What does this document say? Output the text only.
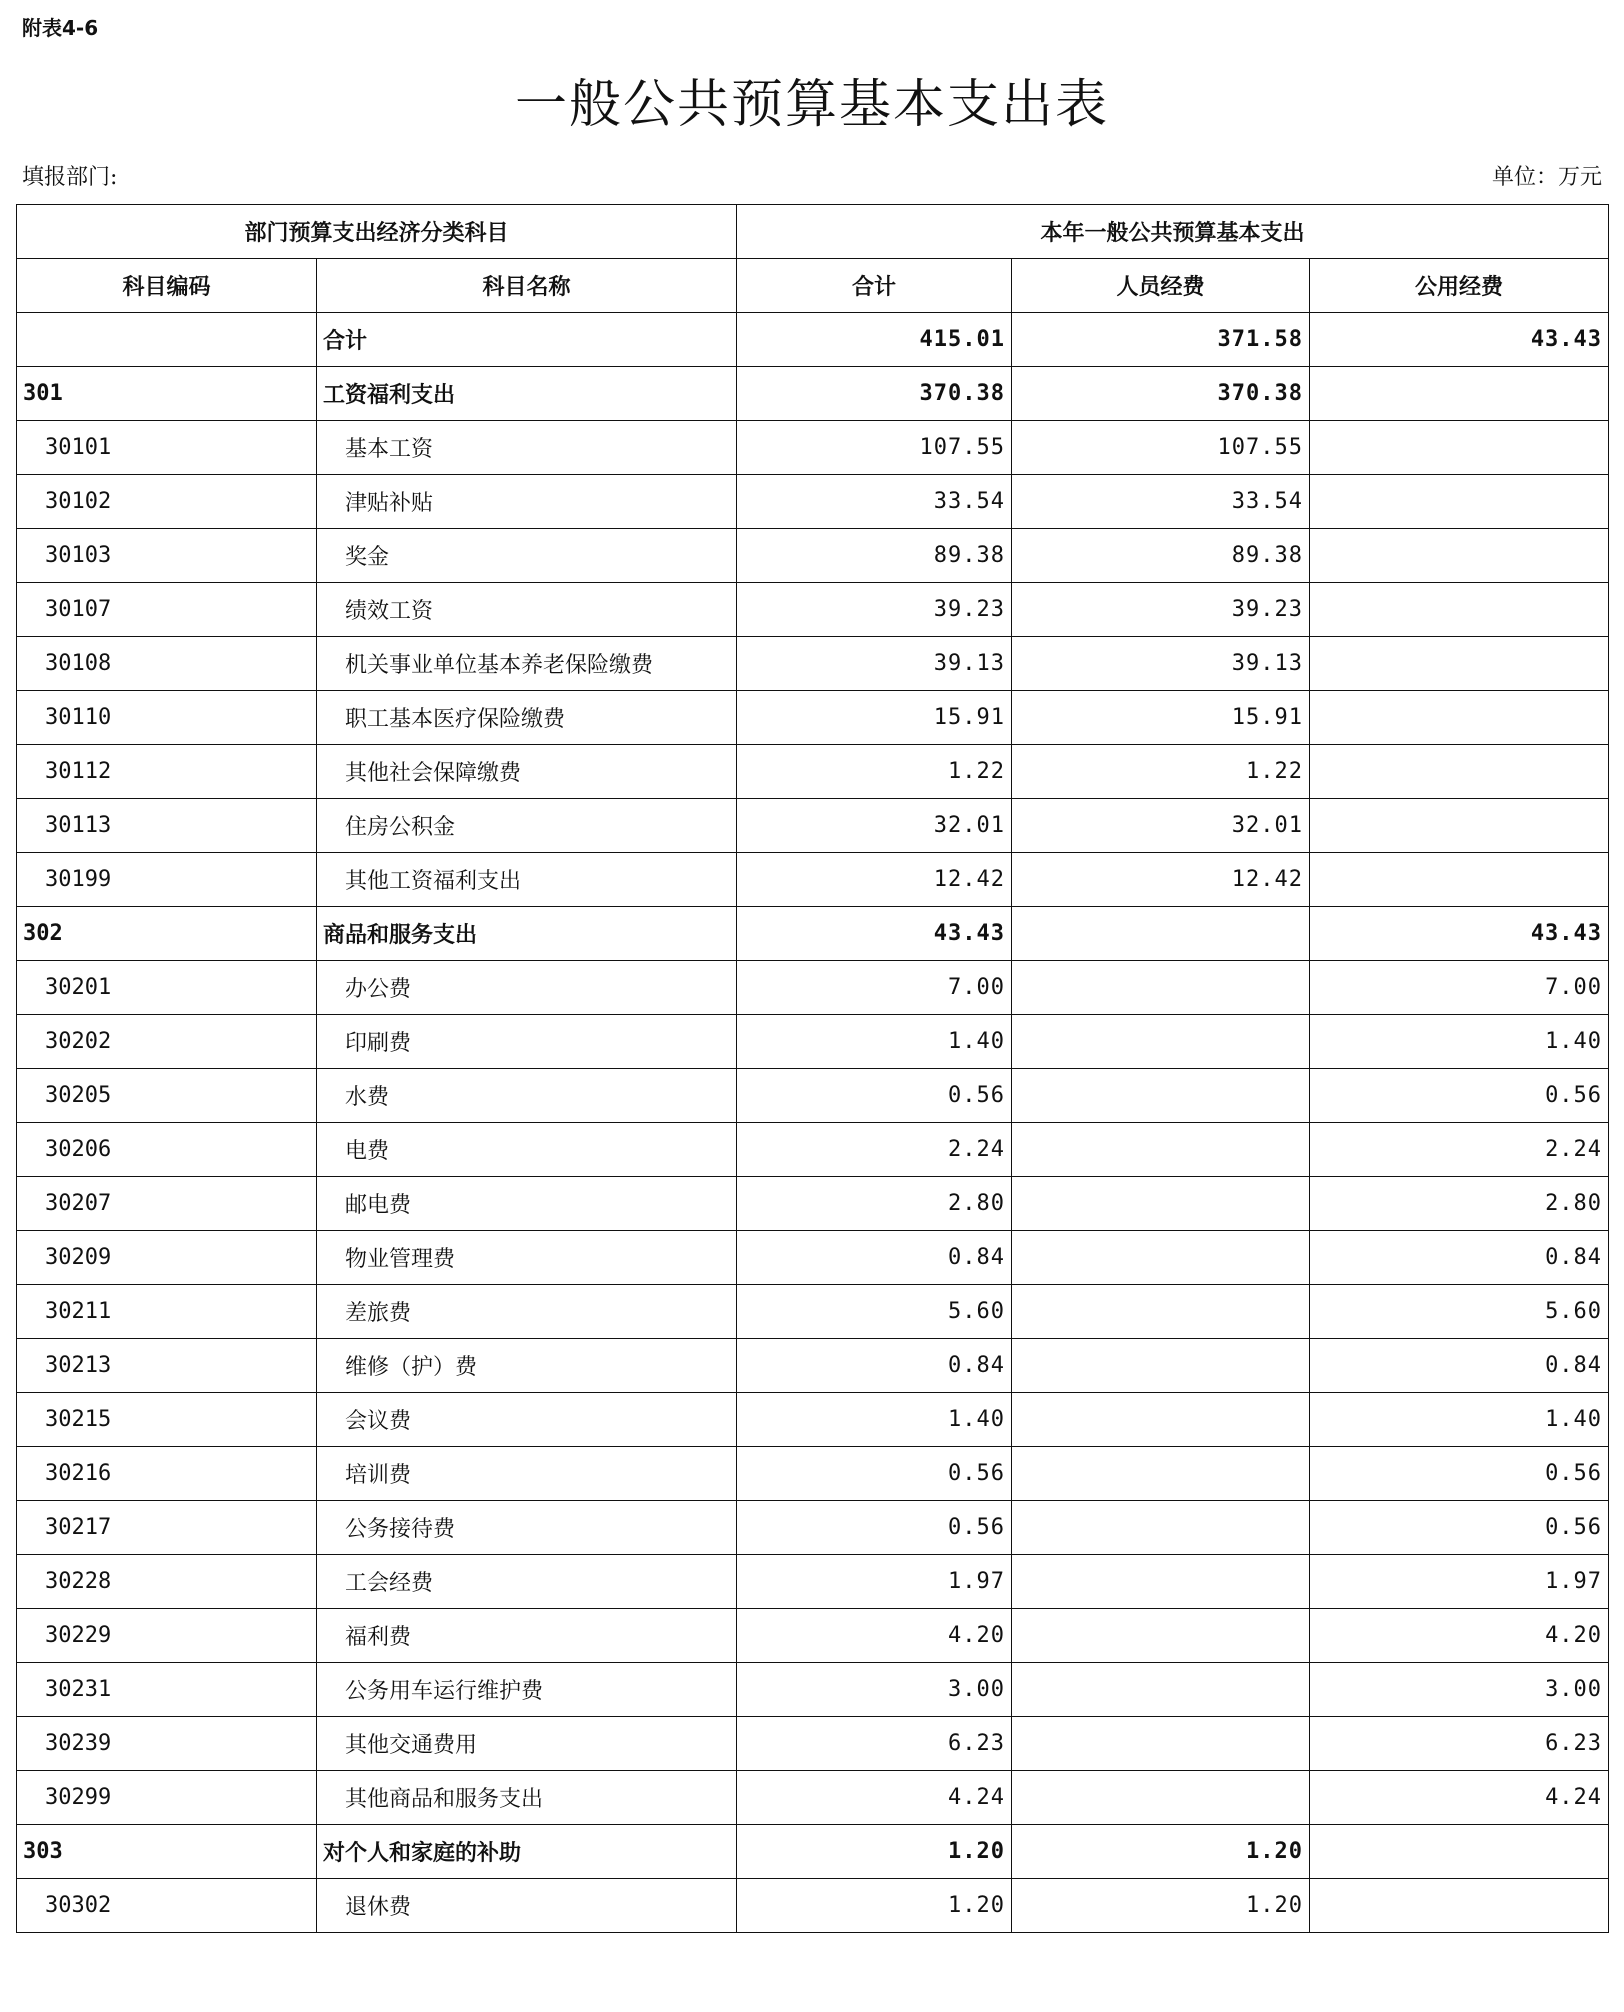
附表4-6
一般公共预算基本支出表
填报部门:	单位：万元
部门预算支出经济分类科目		本年一般公共预算基本支出		
科目编码	科目名称	合计	人员经费	公用经费
	合计	415.01	371.58	43.43
301	工资福利支出	370.38	370.38	
30101	基本工资	107.55	107.55	
30102	津贴补贴	33.54	33.54	
30103	奖金	89.38	89.38	
30107	绩效工资	39.23	39.23	
30108	机关事业单位基本养老保险缴费	39.13	39.13	
30110	职工基本医疗保险缴费	15.91	15.91	
30112	其他社会保障缴费	1.22	1.22	
30113	住房公积金	32.01	32.01	
30199	其他工资福利支出	12.42	12.42	
302	商品和服务支出	43.43		43.43
30201	办公费	7.00		7.00
30202	印刷费	1.40		1.40
30205	水费	0.56		0.56
30206	电费	2.24		2.24
30207	邮电费	2.80		2.80
30209	物业管理费	0.84		0.84
30211	差旅费	5.60		5.60
30213	维修（护）费	0.84		0.84
30215	会议费	1.40		1.40
30216	培训费	0.56		0.56
30217	公务接待费	0.56		0.56
30228	工会经费	1.97		1.97
30229	福利费	4.20		4.20
30231	公务用车运行维护费	3.00		3.00
30239	其他交通费用	6.23		6.23
30299	其他商品和服务支出	4.24		4.24
303	对个人和家庭的补助	1.20	1.20	
30302	退休费	1.20	1.20	
